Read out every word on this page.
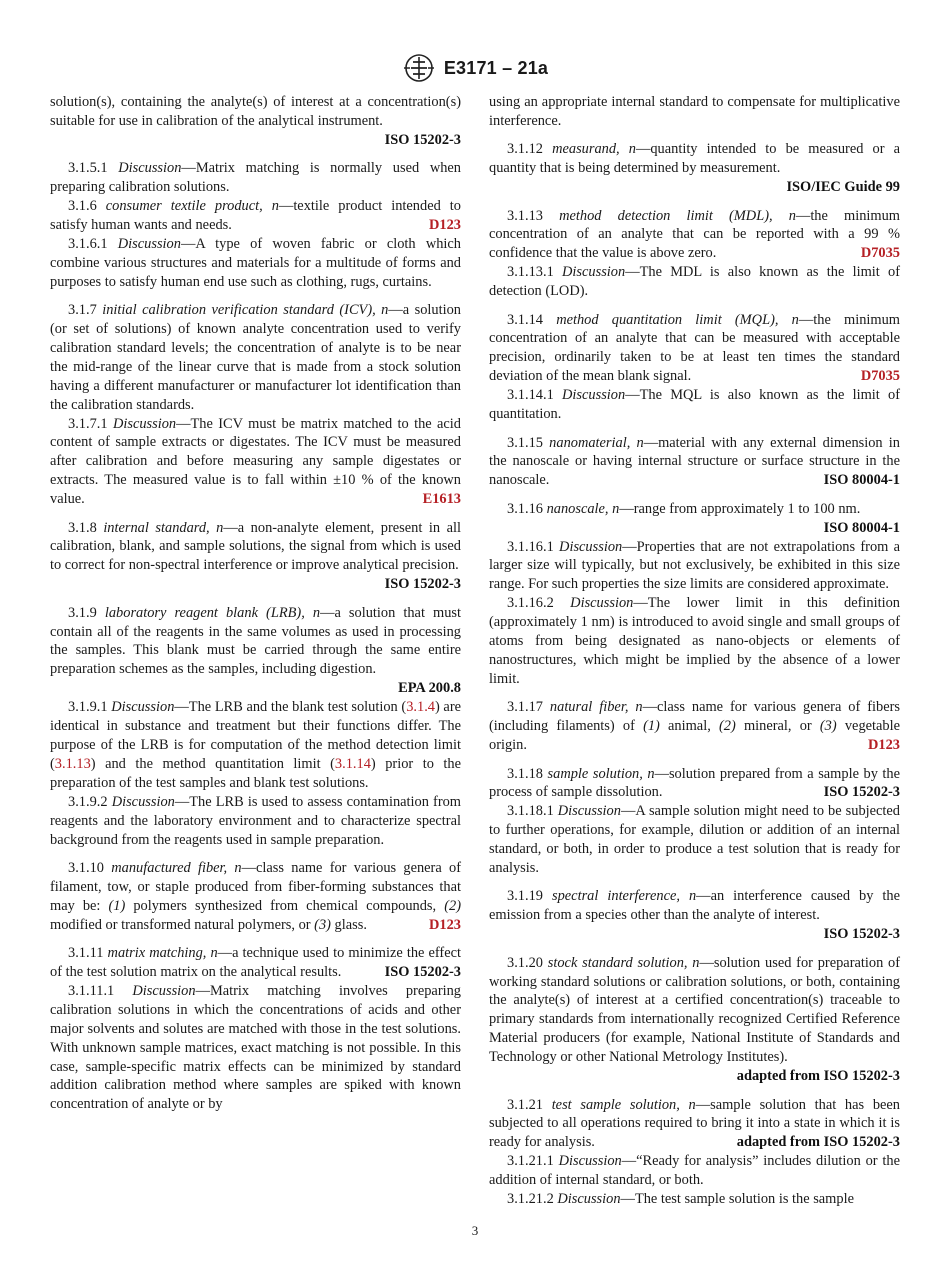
E3171 – 21a

solution(s), containing the analyte(s) of interest at a concentration(s) suitable for use in calibration of the analytical instrument.
ISO 15202-3

3.1.5.1 Discussion—Matrix matching is normally used when preparing calibration solutions.

3.1.6 consumer textile product, n—textile product intended to satisfy human wants and needs.	D123

3.1.6.1 Discussion—A type of woven fabric or cloth which combine various structures and materials for a multitude of forms and purposes to satisfy human end use such as clothing, rugs, curtains.

3.1.7 initial calibration verification standard (ICV), n—a solution (or set of solutions) of known analyte concentration used to verify calibration standard levels; the concentration of analyte is to be near the mid-range of the linear curve that is made from a stock solution having a different manufacturer or manufacturer lot identification than the calibration standards.

3.1.7.1 Discussion—The ICV must be matrix matched to the acid content of sample extracts or digestates. The ICV must be measured after calibration and before measuring any sample digestates or extracts. The measured value is to fall within ±10 % of the known value.	E1613

3.1.8 internal standard, n—a non-analyte element, present in all calibration, blank, and sample solutions, the signal from which is used to correct for non-spectral interference or improve analytical precision.
ISO 15202-3

3.1.9 laboratory reagent blank (LRB), n—a solution that must contain all of the reagents in the same volumes as used in processing the samples. This blank must be carried through the same entire preparation schemes as the samples, including digestion.
EPA 200.8

3.1.9.1 Discussion—The LRB and the blank test solution (3.1.4) are identical in substance and treatment but their functions differ. The purpose of the LRB is for computation of the method detection limit (3.1.13) and the method quantitation limit (3.1.14) prior to the preparation of the test samples and blank test solutions.

3.1.9.2 Discussion—The LRB is used to assess contamination from reagents and the laboratory environment and to characterize spectral background from the reagents used in sample preparation.

3.1.10 manufactured fiber, n—class name for various genera of filament, tow, or staple produced from fiber-forming substances that may be: (1) polymers synthesized from chemical compounds, (2) modified or transformed natural polymers, or (3) glass.	D123

3.1.11 matrix matching, n—a technique used to minimize the effect of the test solution matrix on the analytical results.	ISO 15202-3

3.1.11.1 Discussion—Matrix matching involves preparing calibration solutions in which the concentrations of acids and other major solvents and solutes are matched with those in the test solutions. With unknown sample matrices, exact matching is not possible. In this case, sample-specific matrix effects can be minimized by standard addition calibration method where samples are spiked with known concentration of analyte or by

using an appropriate internal standard to compensate for multiplicative interference.

3.1.12 measurand, n—quantity intended to be measured or a quantity that is being determined by measurement.
ISO/IEC Guide 99

3.1.13 method detection limit (MDL), n—the minimum concentration of an analyte that can be reported with a 99 % confidence that the value is above zero.	D7035

3.1.13.1 Discussion—The MDL is also known as the limit of detection (LOD).

3.1.14 method quantitation limit (MQL), n—the minimum concentration of an analyte that can be measured with acceptable precision, ordinarily taken to be at least ten times the standard deviation of the mean blank signal.	D7035

3.1.14.1 Discussion—The MQL is also known as the limit of quantitation.

3.1.15 nanomaterial, n—material with any external dimension in the nanoscale or having internal structure or surface structure in the nanoscale.	ISO 80004-1

3.1.16 nanoscale, n—range from approximately 1 to 100 nm.
ISO 80004-1

3.1.16.1 Discussion—Properties that are not extrapolations from a larger size will typically, but not exclusively, be exhibited in this size range. For such properties the size limits are considered approximate.

3.1.16.2 Discussion—The lower limit in this definition (approximately 1 nm) is introduced to avoid single and small groups of atoms from being designated as nano-objects or elements of nanostructures, which might be implied by the absence of a lower limit.

3.1.17 natural fiber, n—class name for various genera of fibers (including filaments) of (1) animal, (2) mineral, or (3) vegetable origin.	D123

3.1.18 sample solution, n—solution prepared from a sample by the process of sample dissolution.	ISO 15202-3

3.1.18.1 Discussion—A sample solution might need to be subjected to further operations, for example, dilution or addition of an internal standard, or both, in order to produce a test solution that is ready for analysis.

3.1.19 spectral interference, n—an interference caused by the emission from a species other than the analyte of interest.
ISO 15202-3

3.1.20 stock standard solution, n—solution used for preparation of working standard solutions or calibration solutions, or both, containing the analyte(s) of interest at a certified concentration(s) traceable to primary standards from internationally recognized Certified Reference Material producers (for example, National Institute of Standards and Technology or other National Metrology Institutes).
adapted from ISO 15202-3

3.1.21 test sample solution, n—sample solution that has been subjected to all operations required to bring it into a state in which it is ready for analysis.	adapted from ISO 15202-3

3.1.21.1 Discussion—“Ready for analysis” includes dilution or the addition of internal standard, or both.

3.1.21.2 Discussion—The test sample solution is the sample

3
